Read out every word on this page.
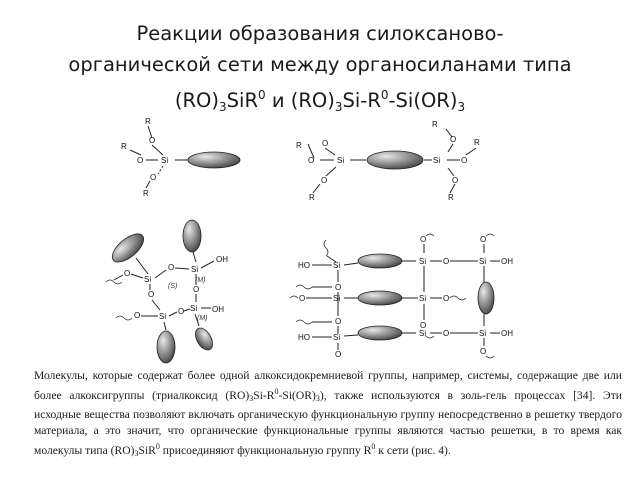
Реакции образования силоксаново-
органической сети между органосиланами типа
$(RO)_3SiR^0$ и $(RO)_3Si-R^0-Si(OR)_3$
R
O
R
O Si
O
R
R	O
O	Si
O
R
Si
R
O
O
R
O
R
Si
OH
Si
O
O
(S)
(M)
O
Si OH
(M)
O
Si
O
O
HO	Si
O
O	Si
O
HO	Si
O
Si O	Si OH
O	O
Si O
O
Si O	Si OH
O
Молекулы, которые содержат более одной алкоксидокремниевой группы, например, системы, содержащие две или более алкоксигруппы (триалкоксид $(RO)_3Si-R^0-Si(OR)_3$), также используются в золь-гель процессах [34]. Эти исходные вещества позволяют включать органическую функциональную группу непосредственно в решетку твердого материала, а это значит, что органические функциональные группы являются частью решетки, в то время как молекулы типа $(RO)_3SiR^0$ присоединяют функциональную группу $R^0$ к сети (рис. 4).
